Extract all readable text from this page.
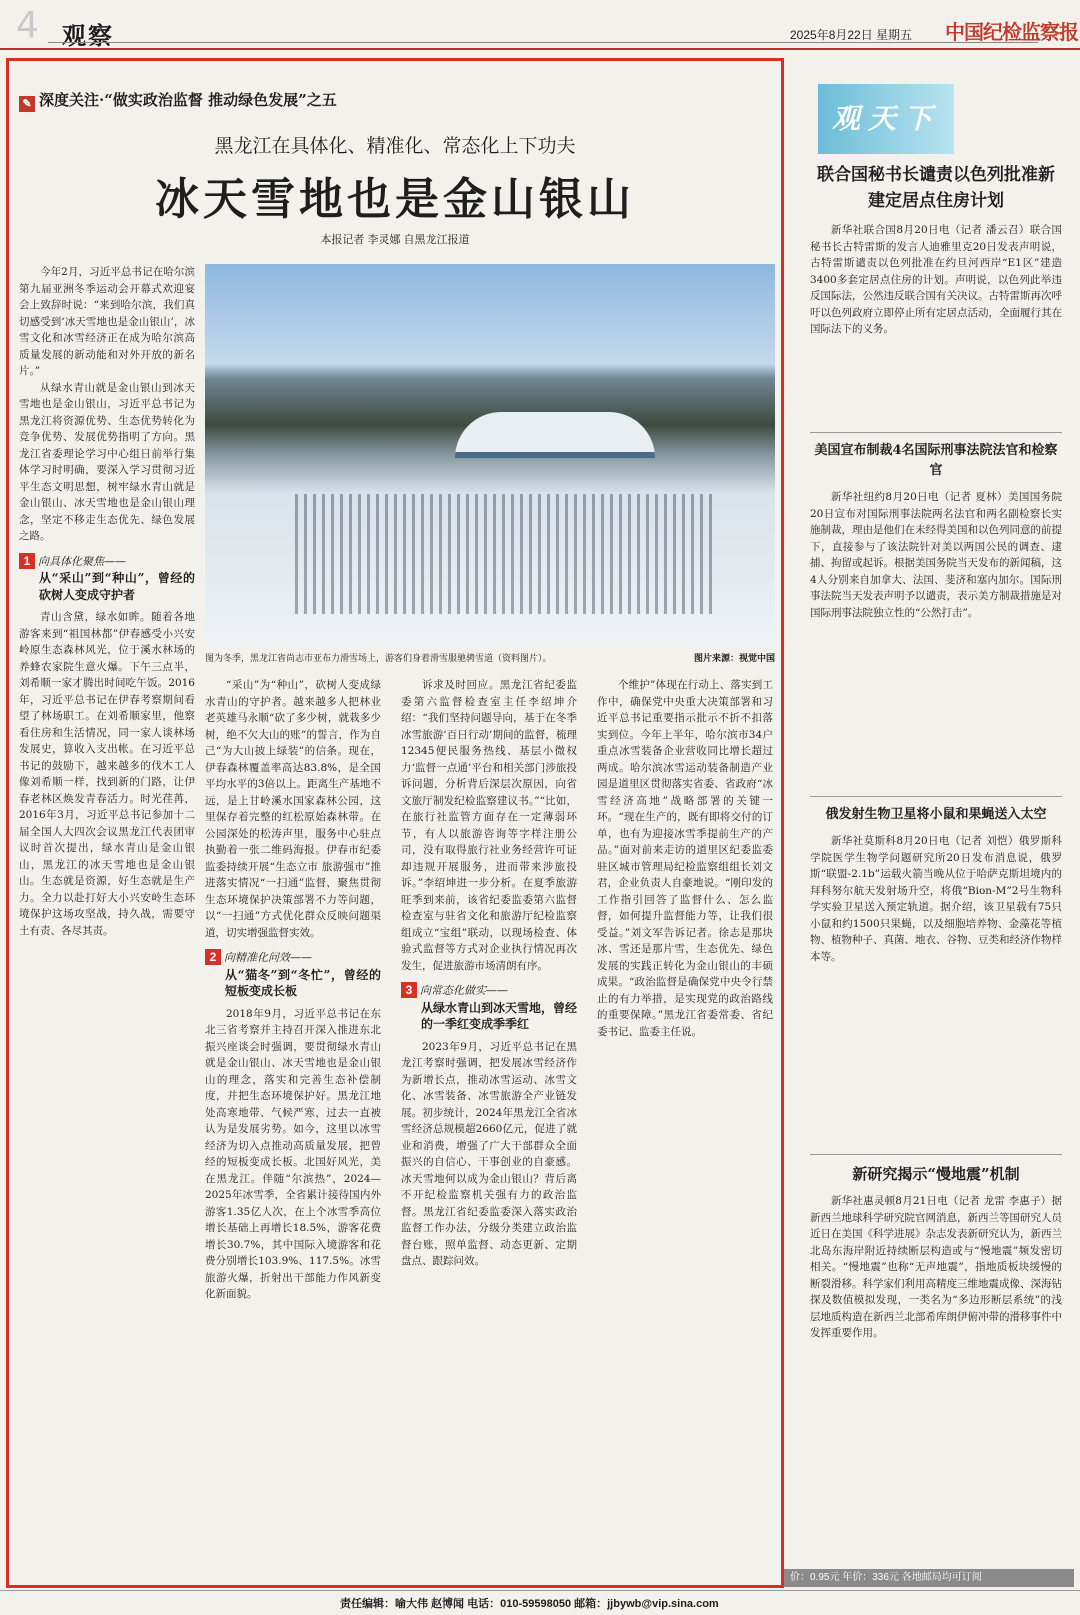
4 观察	2025年8月22日 星期五 中国纪检监察报
✎ 深度关注·“做实政治监督 推动绿色发展”之五
黑龙江在具体化、精准化、常态化上下功夫
冰天雪地也是金山银山
本报记者 李灵娜 自黑龙江报道
图片来源：视觉中国
图为冬季，黑龙江省尚志市亚布力滑雪场上，游客们身着滑雪服驰骋雪道（资料图片）。

今年2月，习近平总书记在哈尔滨第九届亚洲冬季运动会开幕式欢迎宴会上致辞时说：“来到哈尔滨，我们真切感受到‘冰天雪地也是金山银山’，冰雪文化和冰雪经济正在成为哈尔滨高质量发展的新动能和对外开放的新名片。”

从绿水青山就是金山银山到冰天雪地也是金山银山，习近平总书记为黑龙江将资源优势、生态优势转化为竞争优势、发展优势指明了方向。黑龙江省委理论学习中心组日前举行集体学习时明确，要深入学习贯彻习近平生态文明思想，树牢绿水青山就是金山银山、冰天雪地也是金山银山理念，坚定不移走生态优先、绿色发展之路。

1 向具体化聚焦——
从“采山”到“种山”，曾经的砍树人变成守护者

青山含黛，绿水如眸。随着各地游客来到“祖国林都”伊春感受小兴安岭原生态森林风光，位于溪水林场的养蜂农家院生意火爆。下午三点半，刘希顺一家才腾出时间吃午饭。2016年，习近平总书记在伊春考察期间看望了林场职工。在刘希顺家里，他察看住房和生活情况，同一家人谈林场发展史，算收入支出帐。在习近平总书记的鼓励下，越来越多的伐木工人像刘希顺一样，找到新的门路，让伊春老林区焕发青春活力。时光荏苒，2016年3月，习近平总书记参加十二届全国人大四次会议黑龙江代表团审议时首次提出，绿水青山是金山银山，黑龙江的冰天雪地也是金山银山。生态就是资源，好生态就是生产力。全力以赴打好大小兴安岭生态环境保护这场攻坚战，持久战，需要守土有责、各尽其责。

“采山”为“种山”，砍树人变成绿水青山的守护者。越来越多人把林业老英雄马永顺“砍了多少树，就栽多少树，绝不欠大山的账”的誓言，作为自己“为大山披上绿装”的信条。现在，伊春森林覆盖率高达83.8%，是全国平均水平的3倍以上。距离生产基地不远，是上甘岭溪水国家森林公园，这里保存着完整的红松原始森林带。在公园深处的松涛声里，服务中心驻点执勤着一张二维码海报。伊春市纪委监委持续开展“生态立市 旅游强市”推进落实情况“一扫通”监督，聚焦贯彻生态环境保护决策部署不力等问题，以“一扫通”方式优化群众反映问题渠道，切实增强监督实效。

2 向精准化问效——
从“猫冬”到“冬忙”，曾经的短板变成长板

2018年9月，习近平总书记在东北三省考察并主持召开深入推进东北振兴座谈会时强调，要贯彻绿水青山就是金山银山、冰天雪地也是金山银山的理念，落实和完善生态补偿制度，并把生态环境保护好。黑龙江地处高寒地带、气候严寒，过去一直被认为是发展劣势。如今，这里以冰雪经济为切入点推动高质量发展，把曾经的短板变成长板。北国好风光，美在黑龙江。伴随“尔滨热”，2024—2025年冰雪季，全省累计接待国内外游客1.35亿人次，在上个冰雪季高位增长基础上再增长18.5%，游客花费增长30.7%，其中国际入境游客和花费分别增长103.9%、117.5%。冰雪旅游火爆，折射出干部能力作风新变化新面貌。

诉求及时回应。黑龙江省纪委监委第六监督检查室主任李绍坤介绍：“我们坚持问题导向，基于在冬季冰雪旅游‘百日行动’期间的监督，梳理12345便民服务热线、基层小微权力‘监督一点通’平台和相关部门涉旅投诉问题，分析背后深层次原因，向省文旅厅制发纪检监察建议书。”“比如，在旅行社监管方面存在一定薄弱环节，有人以旅游咨询等字样注册公司，没有取得旅行社业务经营许可证却违规开展服务，进而带来涉旅投诉。”李绍坤进一步分析。在夏季旅游旺季到来前，该省纪委监委第六监督检查室与驻省文化和旅游厅纪检监察组成立“宝组”联动，以现场检查、体验式监督等方式对企业执行情况再次发生，促进旅游市场清朗有序。

3 向常态化做实——
从绿水青山到冰天雪地，曾经的一季红变成季季红

2023年9月，习近平总书记在黑龙江考察时强调，把发展冰雪经济作为新增长点，推动冰雪运动、冰雪文化、冰雪装备、冰雪旅游全产业链发展。初步统计，2024年黑龙江全省冰雪经济总规模超2660亿元，促进了就业和消费，增强了广大干部群众全面振兴的自信心、干事创业的自豪感。冰天雪地何以成为金山银山？背后离不开纪检监察机关强有力的政治监督。黑龙江省纪委监委深入落实政治监督工作办法，分级分类建立政治监督台账，照单监督、动态更新、定期盘点、跟踪问效。

个维护”体现在行动上、落实到工作中，确保党中央重大决策部署和习近平总书记重要指示批示不折不扣落实到位。今年上半年，哈尔滨市34户重点冰雪装备企业营收同比增长超过两成。哈尔滨冰雪运动装备制造产业园是道里区贯彻落实省委、省政府“冰雪经济高地”战略部署的关键一环。“现在生产的，既有即将交付的订单，也有为迎接冰雪季提前生产的产品。”面对前来走访的道里区纪委监委驻区城市管理局纪检监察组组长刘文君，企业负责人自豪地说。“刚印发的工作指引回答了监督什么、怎么监督，如何提升监督能力等，让我们很受益。”刘文军告诉记者。徐志是那块冰、雪还是那片雪，生态优先、绿色发展的实践正转化为金山银山的丰硕成果。“政治监督是确保党中央令行禁止的有力举措，是实现党的政治路线的重要保障。”黑龙江省委常委、省纪委书记、监委主任说。

观天下
联合国秘书长谴责以色列批准新建定居点住房计划

新华社联合国8月20日电（记者 潘云召）联合国秘书长古特雷斯的发言人迪雅里克20日发表声明说，古特雷斯谴责以色列批准在约旦河西岸“E1区”建造3400多套定居点住房的计划。声明说，以色列此举违反国际法，公然违反联合国有关决议。古特雷斯再次呼吁以色列政府立即停止所有定居点活动，全面履行其在国际法下的义务。

美国宣布制裁4名国际刑事法院法官和检察官

新华社纽约8月20日电（记者 夏林）美国国务院20日宣布对国际刑事法院两名法官和两名副检察长实施制裁，理由是他们在未经得美国和以色列同意的前提下，直接参与了该法院针对美以两国公民的调查、逮捕、拘留或起诉。根据美国务院当天发布的新闻稿，这4人分别来自加拿大、法国、斐济和塞内加尔。国际刑事法院当天发表声明予以谴责，表示美方制裁措施是对国际刑事法院独立性的“公然打击”。

俄发射生物卫星将小鼠和果蝇送入太空

新华社莫斯科8月20日电（记者 刘恺）俄罗斯科学院医学生物学问题研究所20日发布消息说，俄罗斯“联盟-2.1b”运载火箭当晚从位于哈萨克斯坦境内的拜科努尔航天发射场升空，将俄“Bion-M”2号生物科学实验卫星送入预定轨道。据介绍，该卫星载有75只小鼠和约1500只果蝇，以及细胞培养物、金藻花等植物、植物种子、真菌、地衣、谷物、豆类和经济作物样本等。

新研究揭示“慢地震”机制

新华社惠灵顿8月21日电（记者 龙雷 李惠子）据新西兰地球科学研究院官网消息，新西兰等国研究人员近日在美国《科学进展》杂志发表新研究认为，新西兰北岛东海岸附近持续断层构造或与“慢地震”频发密切相关。“慢地震”也称“无声地震”，指地质板块缓慢的断裂滑移。科学家们利用高精度三维地震成像、深海钻探及数值模拟发现，一类名为“多边形断层系统”的浅层地质构造在新西兰北部希库朗伊俯冲带的滑移事件中发挥重要作用。

价：0.95元 年价：336元 各地邮局均可订阅
责任编辑：喻大伟 赵博闻 电话：010-59598050 邮箱：jjbywb@vip.sina.com
